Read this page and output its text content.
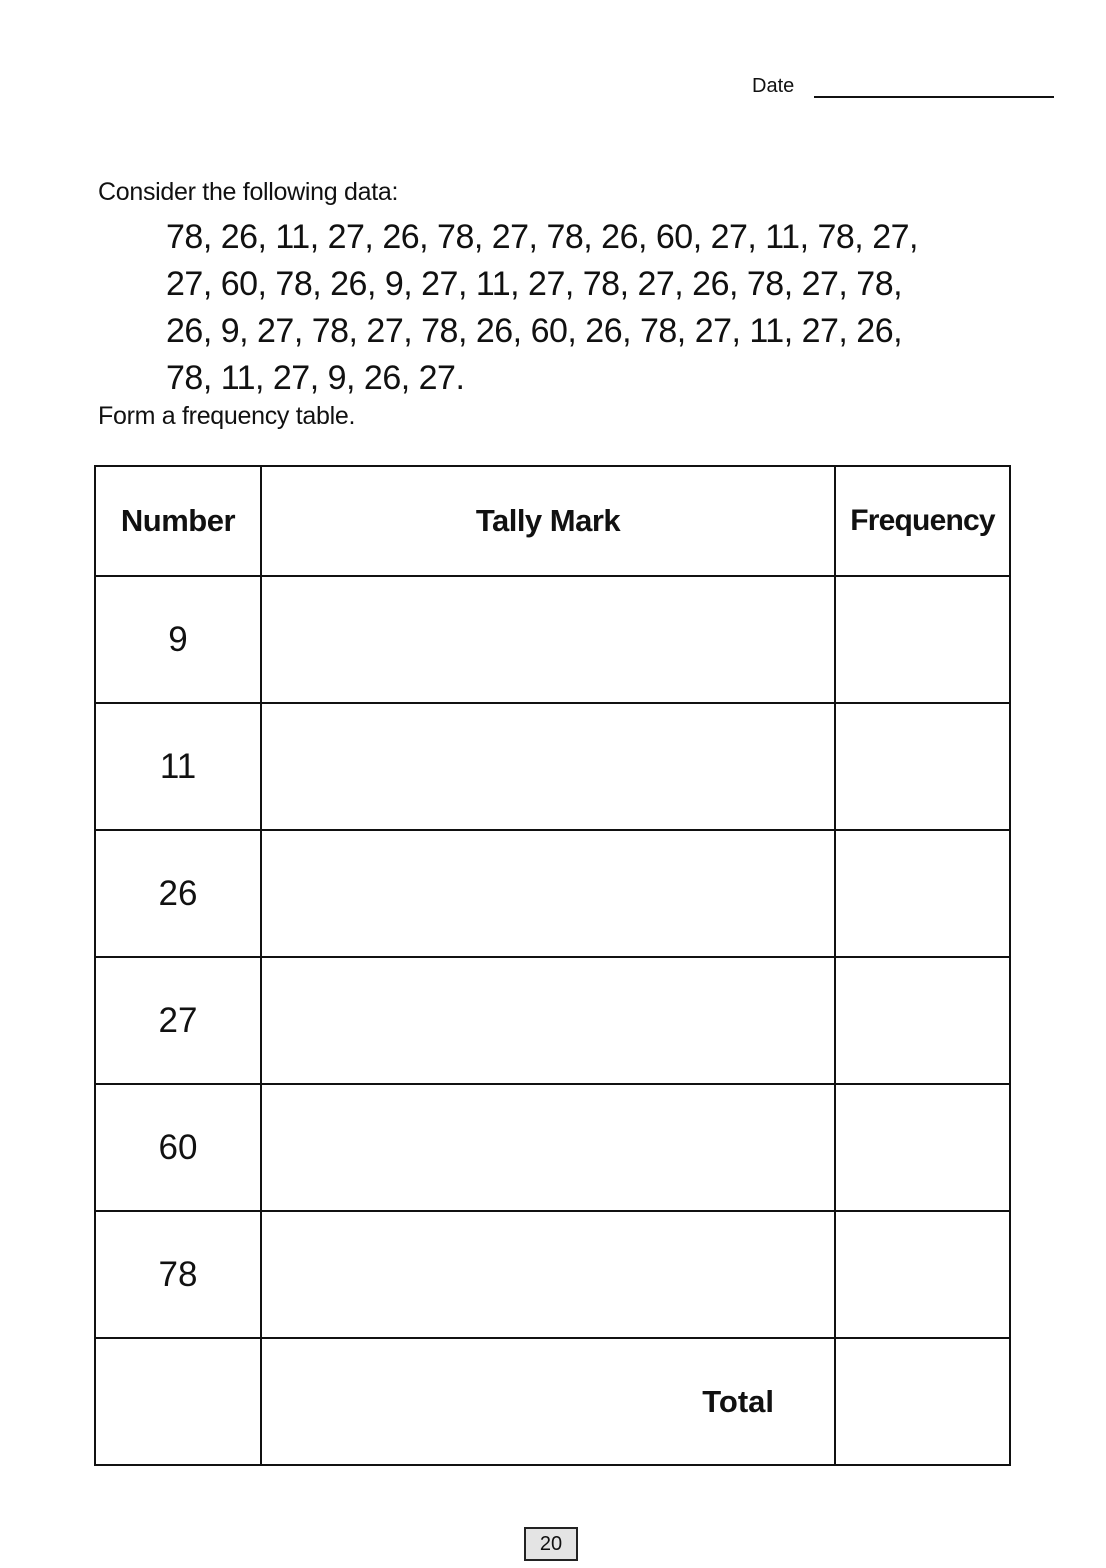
Date
Consider the following data:
78, 26, 11, 27, 26, 78, 27, 78, 26, 60, 27, 11, 78, 27,
27, 60, 78, 26, 9, 27, 11, 27, 78, 27, 26, 78, 27, 78,
26, 9, 27, 78, 27, 78, 26, 60, 26, 78, 27, 11, 27, 26,
78, 11, 27, 9, 26, 27.
Form a frequency table.
Number	Tally Mark	Frequency
9		
11		
26		
27		
60		
78		
	Total	
20
